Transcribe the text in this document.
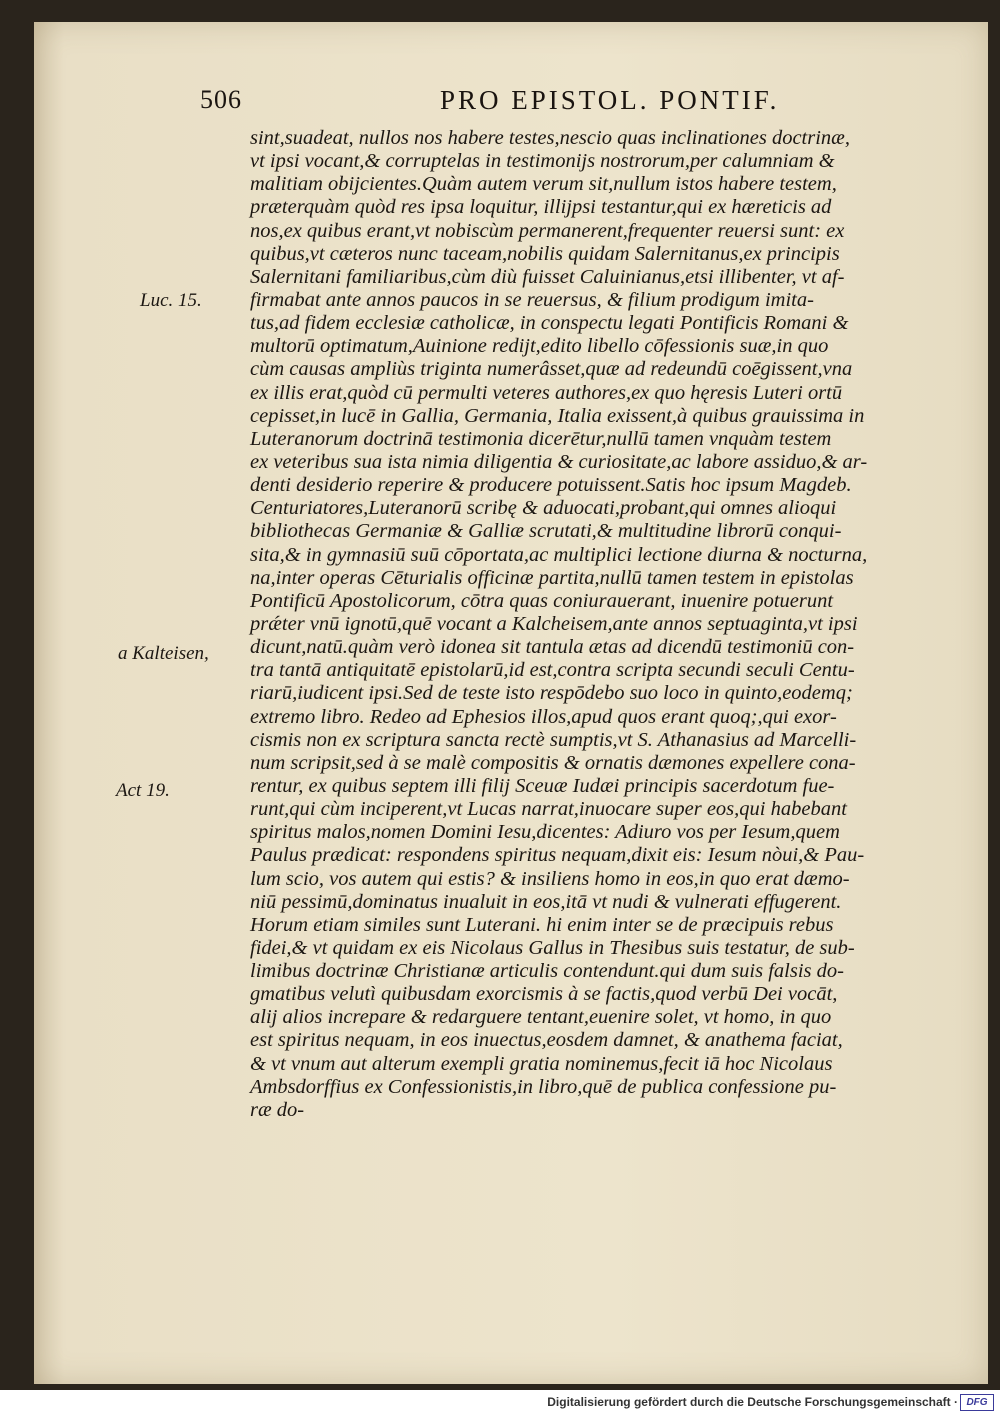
506	PRO EPISTOL. PONTIF.
Luc. 15.
a Kalteisen,
Act 19.
sint,suadeat, nullos nos habere testes,nescio quas inclinationes doctrinæ,
vt ipsi vocant,& corruptelas in testimonijs nostrorum,per calumniam &
malitiam obijcientes.Quàm autem verum sit,nullum istos habere testem,
præterquàm quòd res ipsa loquitur, illijpsi testantur,qui ex hæreticis ad
nos,ex quibus erant,vt nobiscùm permanerent,frequenter reuersi sunt: ex
quibus,vt cæteros nunc taceam,nobilis quidam Salernitanus,ex principis
Salernitani familiaribus,cùm diù fuisset Caluinianus,etsi illibenter, vt af-
firmabat ante annos paucos in se reuersus, & filium prodigum imita-
tus,ad fidem ecclesiæ catholicæ, in conspectu legati Pontificis Romani &
multorū optimatum,Auinione redijt,edito libello cōfessionis suæ,in quo
cùm causas ampliùs triginta numerâsset,quæ ad redeundū coēgissent,vna
ex illis erat,quòd cū permulti veteres authores,ex quo hęresis Luteri ortū
cepisset,in lucē in Gallia, Germania, Italia exissent,à quibus grauissima in
Luteranorum doctrinā testimonia dicerētur,nullū tamen vnquàm testem
ex veteribus sua ista nimia diligentia & curiositate,ac labore assiduo,& ar-
denti desiderio reperire & producere potuissent.Satis hoc ipsum Magdeb.
Centuriatores,Luteranorū scribę & aduocati,probant,qui omnes alioqui
bibliothecas Germaniæ & Galliæ scrutati,& multitudine librorū conqui-
sita,& in gymnasiū suū cōportata,ac multiplici lectione diurna & nocturna,
na,inter operas Cēturialis officinæ partita,nullū tamen testem in epistolas
Pontificū Apostolicorum, cōtra quas coniurauerant, inuenire potuerunt
prǽter vnū ignotū,quē vocant a Kalcheisem,ante annos septuaginta,vt ipsi
dicunt,natū.quàm verò idonea sit tantula ætas ad dicendū testimoniū con-
tra tantā antiquitatē epistolarū,id est,contra scripta secundi seculi Centu-
riarū,iudicent ipsi.Sed de teste isto respōdebo suo loco in quinto,eodemq;
extremo libro. Redeo ad Ephesios illos,apud quos erant quoq;,qui exor-
cismis non ex scriptura sancta rectè sumptis,vt S. Athanasius ad Marcelli-
num scripsit,sed à se malè compositis & ornatis dæmones expellere cona-
rentur, ex quibus septem illi filij Sceuæ Iudæi principis sacerdotum fue-
runt,qui cùm inciperent,vt Lucas narrat,inuocare super eos,qui habebant
spiritus malos,nomen Domini Iesu,dicentes: Adiuro vos per Iesum,quem
Paulus prædicat: respondens spiritus nequam,dixit eis: Iesum nòui,& Pau-
lum scio, vos autem qui estis? & insiliens homo in eos,in quo erat dæmo-
niū pessimū,dominatus inualuit in eos,itā vt nudi & vulnerati effugerent.
Horum etiam similes sunt Luterani. hi enim inter se de præcipuis rebus
fidei,& vt quidam ex eis Nicolaus Gallus in Thesibus suis testatur, de sub-
limibus doctrinæ Christianæ articulis contendunt.qui dum suis falsis do-
gmatibus velutì quibusdam exorcismis à se factis,quod verbū Dei vocāt,
alij alios increpare & redarguere tentant,euenire solet, vt homo, in quo
est spiritus nequam, in eos inuectus,eosdem damnet, & anathema faciat,
& vt vnum aut alterum exempli gratia nominemus,fecit iā hoc Nicolaus
Ambsdorffius ex Confessionistis,in libro,quē de publica confessione pu-
ræ do-
Digitalisierung gefördert durch die Deutsche Forschungsgemeinschaft · DFG
